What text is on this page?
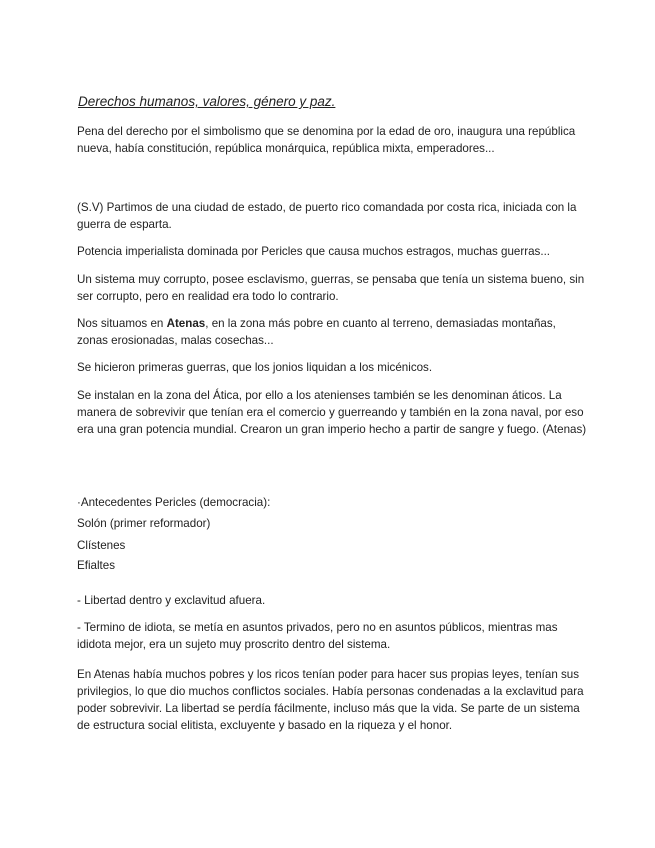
Derechos humanos, valores, género y paz.

Pena del derecho por el simbolismo que se denomina por la edad de oro, inaugura una república nueva, había constitución, república monárquica, república mixta, emperadores...

(S.V) Partimos de una ciudad de estado, de puerto rico comandada por costa rica, iniciada con la guerra de esparta.

Potencia imperialista dominada por Pericles que causa muchos estragos, muchas guerras...

Un sistema muy corrupto, posee esclavismo, guerras, se pensaba que tenía un sistema bueno, sin ser corrupto, pero en realidad era todo lo contrario.

Nos situamos en Atenas, en la zona más pobre en cuanto al terreno, demasiadas montañas, zonas erosionadas, malas cosechas...

Se hicieron primeras guerras, que los jonios liquidan a los micénicos.

Se instalan en la zona del Ática, por ello a los atenienses también se les denominan áticos. La manera de sobrevivir que tenían era el comercio y guerreando y también en la zona naval, por eso era una gran potencia mundial. Crearon un gran imperio hecho a partir de sangre y fuego. (Atenas)

·Antecedentes Pericles (democracia):

Solón (primer reformador)

Clístenes

Efialtes

- Libertad dentro y exclavitud afuera.

- Termino de idiota, se metía en asuntos privados, pero no en asuntos públicos, mientras mas ididota mejor, era un sujeto muy proscrito dentro del sistema.

En Atenas había muchos pobres y los ricos tenían poder para hacer sus propias leyes, tenían sus privilegios, lo que dio muchos conflictos sociales. Había personas condenadas a la exclavitud para poder sobrevivir. La libertad se perdía fácilmente, incluso más que la vida. Se parte de un sistema de estructura social elitista, excluyente y basado en la riqueza y el honor.
